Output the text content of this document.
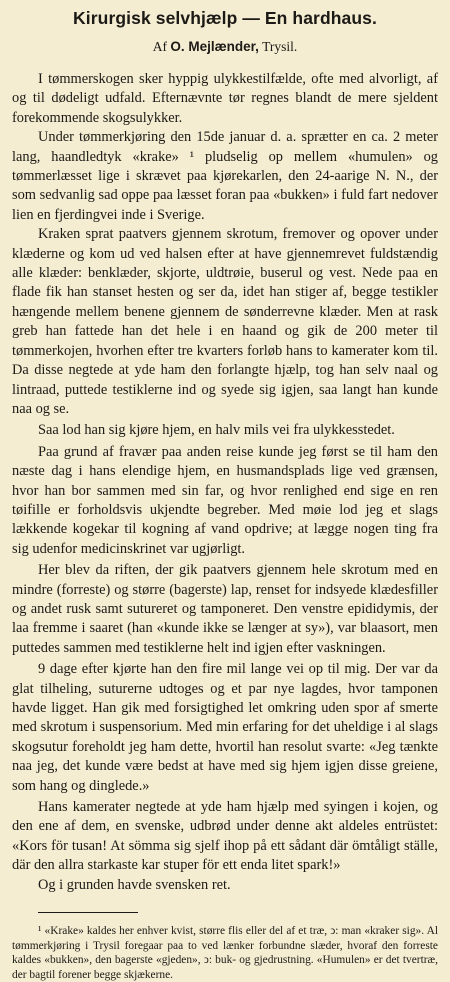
Kirurgisk selvhjælp — En hardhaus.
Af O. Mejlænder, Trysil.

I tømmerskogen sker hyppig ulykkestilfælde, ofte med alvorligt, af og til dødeligt udfald. Efternævnte tør regnes blandt de mere sjeldent forekommende skogsulykker.

Under tømmerkjøring den 15de januar d. a. sprætter en ca. 2 meter lang, haandledtyk «krake» ¹ pludselig op mellem «humulen» og tømmerlæsset lige i skrævet paa kjørekarlen, den 24-aarige N. N., der som sedvanlig sad oppe paa læsset foran paa «bukken» i fuld fart nedover lien en fjerdingvei inde i Sverige.

Kraken sprat paatvers gjennem skrotum, fremover og opover under klæderne og kom ud ved halsen efter at have gjennemrevet fuldstændig alle klæder: benklæder, skjorte, uldtrøie, buserul og vest. Nede paa en flade fik han stanset hesten og ser da, idet han stiger af, begge testikler hængende mellem benene gjennem de sønderrevne klæder. Men at rask greb han fattede han det hele i en haand og gik de 200 meter til tømmerkojen, hvorhen efter tre kvarters forløb hans to kamerater kom til. Da disse negtede at yde ham den forlangte hjælp, tog han selv naal og lintraad, puttede testiklerne ind og syede sig igjen, saa langt han kunde naa og se.

Saa lod han sig kjøre hjem, en halv mils vei fra ulykkesstedet.

Paa grund af fravær paa anden reise kunde jeg først se til ham den næste dag i hans elendige hjem, en husmandsplads lige ved grænsen, hvor han bor sammen med sin far, og hvor renlighed end sige en ren tøifille er forholdsvis ukjendte begreber. Med møie lod jeg et slags lækkende kogekar til kogning af vand opdrive; at lægge nogen ting fra sig udenfor medicinskrinet var ugjørligt.

Her blev da riften, der gik paatvers gjennem hele skrotum med en mindre (forreste) og større (bagerste) lap, renset for indsyede klædesfiller og andet rusk samt sutureret og tamponeret. Den venstre epididymis, der laa fremme i saaret (han «kunde ikke se længer at sy»), var blaasort, men puttedes sammen med testiklerne helt ind igjen efter vaskningen.

9 dage efter kjørte han den fire mil lange vei op til mig. Der var da glat tilheling, suturerne udtoges og et par nye lagdes, hvor tamponen havde ligget. Han gik med forsigtighed let omkring uden spor af smerte med skrotum i suspensorium. Med min erfaring for det uheldige i al slags skogsutur foreholdt jeg ham dette, hvortil han resolut svarte: «Jeg tænkte naa jeg, det kunde være bedst at have med sig hjem igjen disse greiene, som hang og dinglede.»

Hans kamerater negtede at yde ham hjælp med syingen i kojen, og den ene af dem, en svenske, udbrød under denne akt aldeles entrüstet: «Kors för tusan! At sömma sig sjelf ihop på ett sådant där ömtåligt ställe, där den allra starkaste kar stuper för ett enda litet spark!»

Og i grunden havde svensken ret.

¹ «Krake» kaldes her enhver kvist, større flis eller del af et træ, ↄ: man «kraker sig». Al tømmerkjøring i Trysil foregaar paa to ved lænker forbundne slæder, hvoraf den forreste kaldes «bukken», den bagerste «gjeden», ↄ: buk- og gjedrustning. «Humulen» er det tvertræ, der bagtil forener begge skjækerne.
